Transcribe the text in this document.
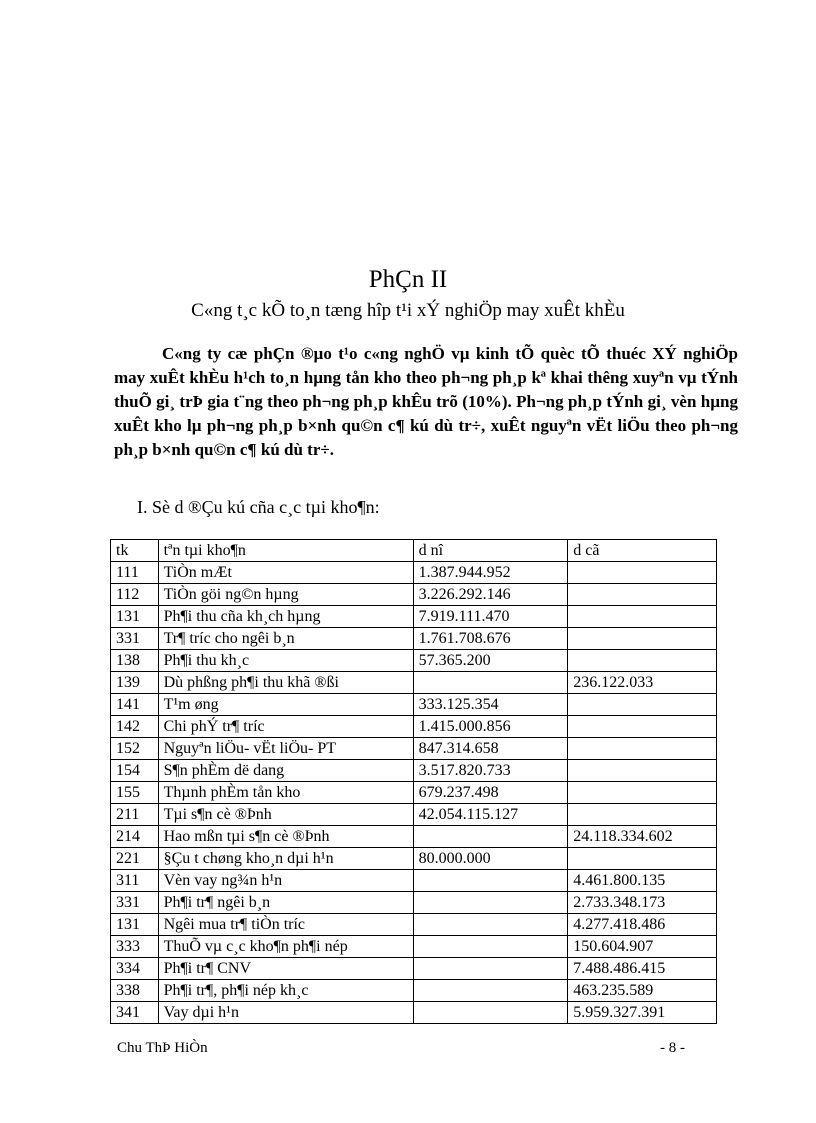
PhÇn II
C«ng t¸c kÕ to¸n tæng hîp t¹i xÝ nghiÖp may xuÊt khÈu

C«ng ty cæ phÇn ®µo t¹o c«ng nghÖ vµ kinh tÕ quèc tÕ thuéc XÝ nghiÖp may xuÊt khÈu h¹ch to¸n hµng tån kho theo ph¬ng ph¸p kª khai thêng xuyªn vµ tÝnh thuÕ gi¸ trÞ gia t¨ng theo ph¬ng ph¸p khÊu trõ (10%). Ph¬ng ph¸p tÝnh gi¸ vèn hµng xuÊt kho lµ ph¬ng ph¸p b×nh qu©n c¶ kú dù tr÷, xuÊt nguyªn vËt liÖu theo ph¬ng ph¸p b×nh qu©n c¶ kú dù tr÷.

I. Sè d ®Çu kú cña c¸c tµi kho¶n:
tk	tªn tµi kho¶n	d nî	d cã
111	TiÒn mÆt	1.387.944.952	
112	TiÒn göi ng©n hµng	3.226.292.146	
131	Ph¶i thu cña kh¸ch hµng	7.919.111.470	
331	Tr¶ tríc cho ngêi b¸n	1.761.708.676	
138	Ph¶i thu kh¸c	57.365.200	
139	Dù phßng ph¶i thu khã ®ßi		236.122.033
141	T¹m øng	333.125.354	
142	Chi phÝ tr¶ tríc	1.415.000.856	
152	Nguyªn liÖu- vËt liÖu- PT	847.314.658	
154	S¶n phÈm dë dang	3.517.820.733	
155	Thµnh phÈm tån kho	679.237.498	
211	Tµi s¶n cè ®Þnh	42.054.115.127	
214	Hao mßn tµi s¶n cè ®Þnh		24.118.334.602
221	§Çu t chøng kho¸n dµi h¹n	80.000.000	
311	Vèn vay ng¾n h¹n		4.461.800.135
331	Ph¶i tr¶ ngêi b¸n		2.733.348.173
131	Ngêi mua tr¶ tiÒn tríc		4.277.418.486
333	ThuÕ vµ c¸c kho¶n ph¶i nép		150.604.907
334	Ph¶i tr¶ CNV		7.488.486.415
338	Ph¶i tr¶, ph¶i nép kh¸c		463.235.589
341	Vay dµi h¹n		5.959.327.391
Chu ThÞ HiÒn	- 8 -
